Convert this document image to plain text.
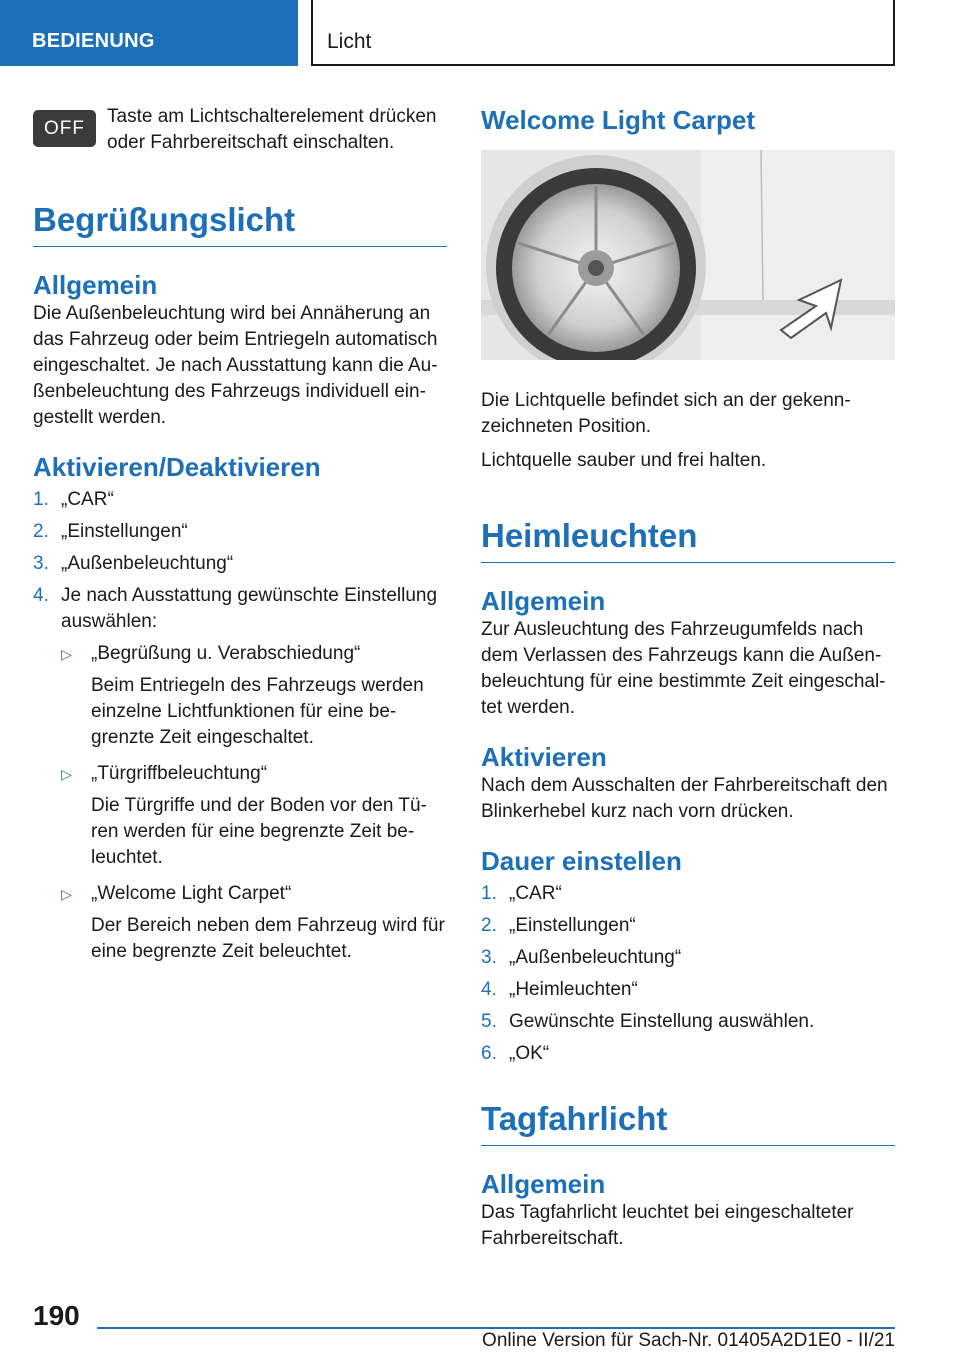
BEDIENUNG	Licht
OFF
Taste am Lichtschalterelement drücken oder Fahrbereitschaft einschalten.
Begrüßungslicht
Allgemein

Die Außenbeleuchtung wird bei Annäherung an das Fahrzeug oder beim Entriegeln automatisch eingeschaltet. Je nach Ausstattung kann die Au-ßenbeleuchtung des Fahrzeugs individuell ein-gestellt werden.

Aktivieren/Deaktivieren
1. „CAR“
2. „Einstellungen“
3. „Außenbeleuchtung“
4. Je nach Ausstattung gewünschte Einstellung auswählen:
▷ „Begrüßung u. Verabschiedung“
Beim Entriegeln des Fahrzeugs werden einzelne Lichtfunktionen für eine be-grenzte Zeit eingeschaltet.
▷ „Türgriffbeleuchtung“
Die Türgriffe und der Boden vor den Tü-ren werden für eine begrenzte Zeit be-leuchtet.
▷ „Welcome Light Carpet“
Der Bereich neben dem Fahrzeug wird für eine begrenzte Zeit beleuchtet.
Welcome Light Carpet

Die Lichtquelle befindet sich an der gekenn-zeichneten Position.

Lichtquelle sauber und frei halten.

Heimleuchten
Allgemein

Zur Ausleuchtung des Fahrzeugumfelds nach dem Verlassen des Fahrzeugs kann die Außen-beleuchtung für eine bestimmte Zeit eingeschal-tet werden.

Aktivieren

Nach dem Ausschalten der Fahrbereitschaft den Blinkerhebel kurz nach vorn drücken.

Dauer einstellen
1. „CAR“
2. „Einstellungen“
3. „Außenbeleuchtung“
4. „Heimleuchten“
5. Gewünschte Einstellung auswählen.
6. „OK“
Tagfahrlicht
Allgemein

Das Tagfahrlicht leuchtet bei eingeschalteter Fahrbereitschaft.

190
Online Version für Sach-Nr. 01405A2D1E0 - II/21
